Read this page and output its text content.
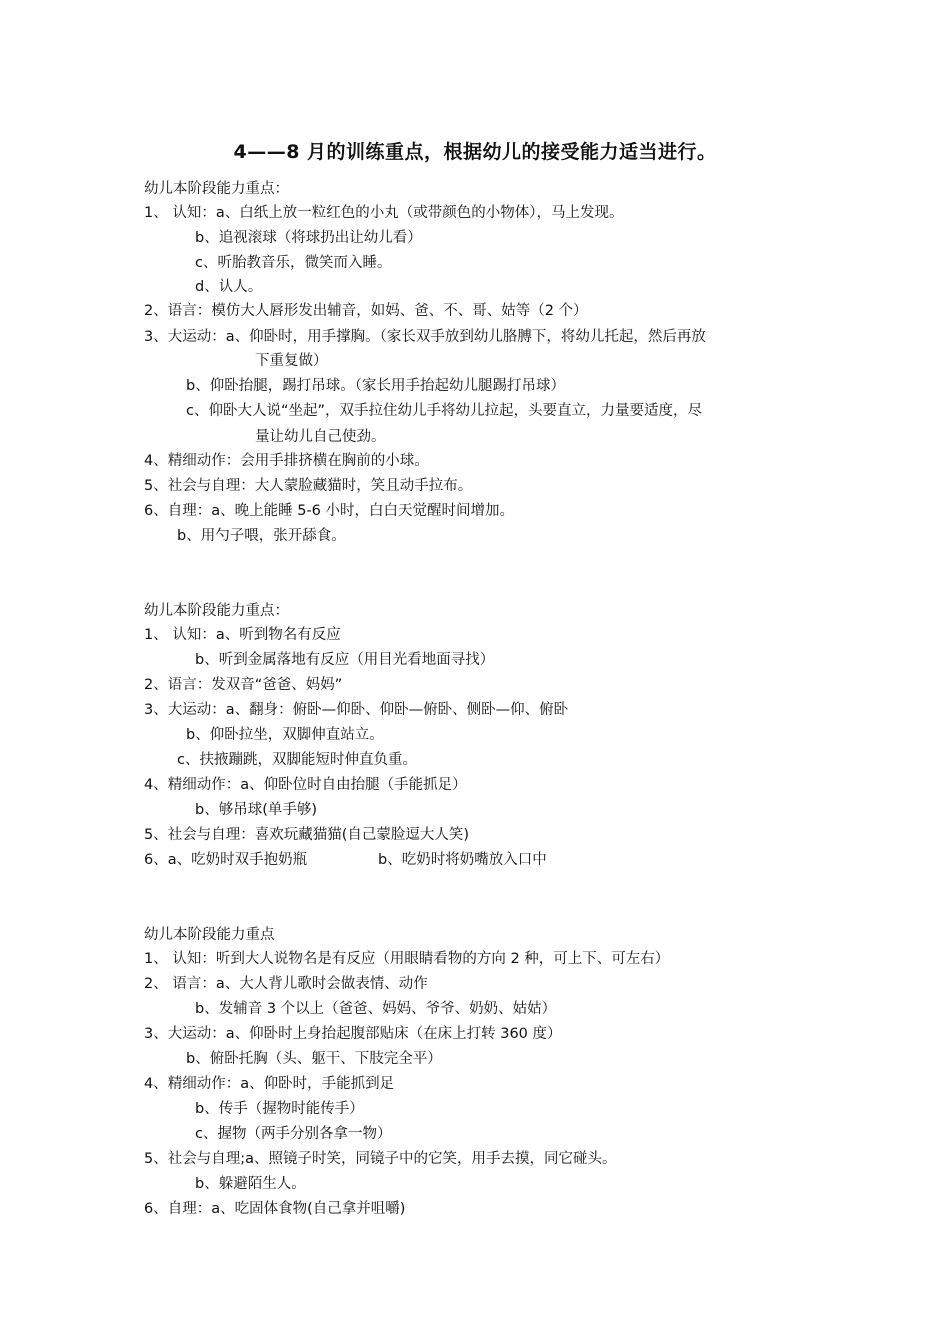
4——8 月的训练重点，根据幼儿的接受能力适当进行。
幼儿本阶段能力重点：
1、 认知：a、白纸上放一粒红色的小丸（或带颜色的小物体），马上发现。
b、追视滚球（将球扔出让幼儿看）
c、听胎教音乐，微笑而入睡。
d、认人。
2、语言：模仿大人唇形发出辅音，如妈、爸、不、哥、姑等（2 个）
3、大运动：a、仰卧时，用手撑胸。（家长双手放到幼儿胳膊下，将幼儿托起，然后再放
下重复做）
b、仰卧抬腿，踢打吊球。（家长用手抬起幼儿腿踢打吊球）
c、仰卧大人说“坐起”，双手拉住幼儿手将幼儿拉起，头要直立，力量要适度，尽
量让幼儿自己使劲。
4、精细动作：会用手排挤横在胸前的小球。
5、社会与自理：大人蒙脸藏猫时，笑且动手拉布。
6、自理：a、晚上能睡 5-6 小时，白白天觉醒时间增加。
b、用勺子喂，张开舔食。
幼儿本阶段能力重点：
1、 认知：a、听到物名有反应
b、听到金属落地有反应（用目光看地面寻找）
2、语言：发双音“爸爸、妈妈”
3、大运动：a、翻身：俯卧—仰卧、仰卧—俯卧、侧卧—仰、俯卧
b、仰卧拉坐，双脚伸直站立。
c、扶掖蹦跳，双脚能短时伸直负重。
4、精细动作：a、仰卧位时自由抬腿（手能抓足）
b、够吊球(单手够)
5、社会与自理：喜欢玩藏猫猫(自己蒙脸逗大人笑)
6、a、吃奶时双手抱奶瓶	b、吃奶时将奶嘴放入口中
幼儿本阶段能力重点
1、 认知：听到大人说物名是有反应（用眼睛看物的方向 2 种，可上下、可左右）
2、 语言：a、大人背儿歌时会做表情、动作
b、发辅音 3 个以上（爸爸、妈妈、爷爷、奶奶、姑姑）
3、大运动：a、仰卧时上身抬起腹部贴床（在床上打转 360 度）
b、俯卧托胸（头、躯干、下肢完全平）
4、精细动作：a、仰卧时，手能抓到足
b、传手（握物时能传手）
c、握物（两手分别各拿一物）
5、社会与自理;a、照镜子时笑，同镜子中的它笑，用手去摸，同它碰头。
b、躲避陌生人。
6、自理：a、吃固体食物(自己拿并咀嚼)
